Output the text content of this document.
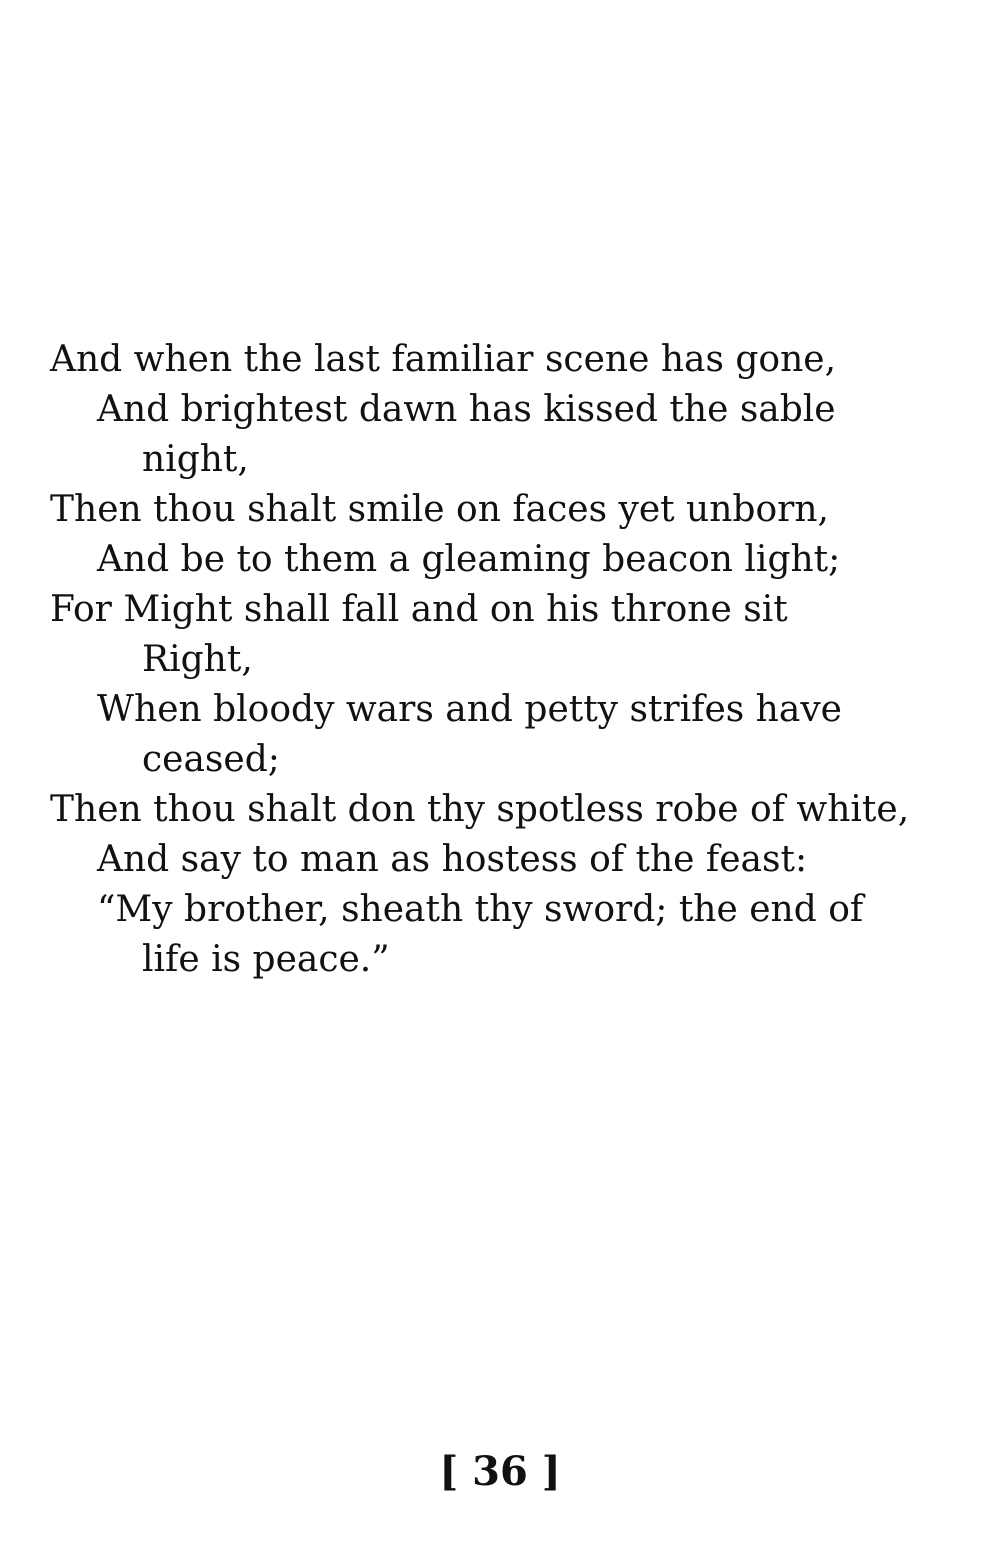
And when the last familiar scene has gone,
And brightest dawn has kissed the sable
night,
Then thou shalt smile on faces yet unborn,
And be to them a gleaming beacon light;
For Might shall fall and on his throne sit
Right,
When bloody wars and petty strifes have
ceased;
Then thou shalt don thy spotless robe of white,
And say to man as hostess of the feast:
“My brother, sheath thy sword; the end of
life is peace.”
[ 36 ]
